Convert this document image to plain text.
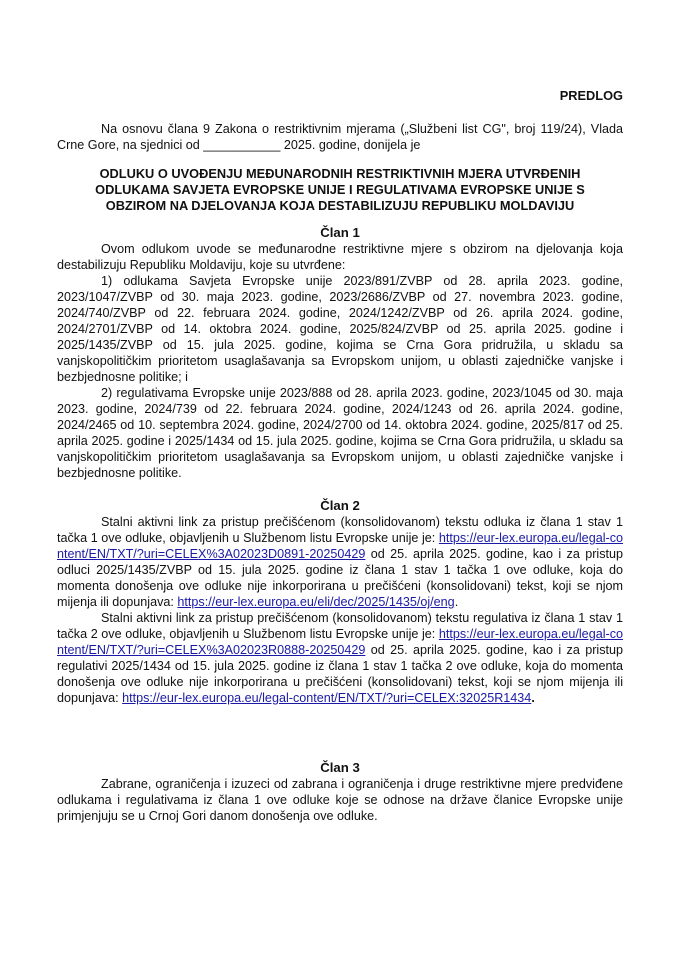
PREDLOG

Na osnovu člana 9 Zakona o restriktivnim mjerama („Službeni list CG", broj 119/24), Vlada Crne Gore, na sjednici od ___________ 2025. godine, donijela je

ODLUKU O UVOĐENJU MEĐUNARODNIH RESTRIKTIVNIH MJERA UTVRĐENIH ODLUKAMA SAVJETA EVROPSKE UNIJE I REGULATIVAMA EVROPSKE UNIJE S OBZIROM NA DJELOVANJA KOJA DESTABILIZUJU REPUBLIKU MOLDAVIJU
Član 1

Ovom odlukom uvode se međunarodne restriktivne mjere s obzirom na djelovanja koja destabilizuju Republiku Moldaviju, koje su utvrđene:

1) odlukama Savjeta Evropske unije 2023/891/ZVBP od 28. aprila 2023. godine, 2023/1047/ZVBP od 30. maja 2023. godine, 2023/2686/ZVBP od 27. novembra 2023. godine, 2024/740/ZVBP od 22. februara 2024. godine, 2024/1242/ZVBP od 26. aprila 2024. godine, 2024/2701/ZVBP od 14. oktobra 2024. godine, 2025/824/ZVBP od 25. aprila 2025. godine i 2025/1435/ZVBP od 15. jula 2025. godine, kojima se Crna Gora pridružila, u skladu sa vanjskopolitičkim prioritetom usaglašavanja sa Evropskom unijom, u oblasti zajedničke vanjske i bezbjednosne politike; i

2) regulativama Evropske unije 2023/888 od 28. aprila 2023. godine, 2023/1045 od 30. maja 2023. godine, 2024/739 od 22. februara 2024. godine, 2024/1243 od 26. aprila 2024. godine, 2024/2465 od 10. septembra 2024. godine, 2024/2700 od 14. oktobra 2024. godine, 2025/817 od 25. aprila 2025. godine i 2025/1434 od 15. jula 2025. godine, kojima se Crna Gora pridružila, u skladu sa vanjskopolitičkim prioritetom usaglašavanja sa Evropskom unijom, u oblasti zajedničke vanjske i bezbjednosne politike.

Član 2

Stalni aktivni link za pristup prečišćenom (konsolidovanom) tekstu odluka iz člana 1 stav 1 tačka 1 ove odluke, objavljenih u Službenom listu Evropske unije je: https://eur-lex.europa.eu/legal-content/EN/TXT/?uri=CELEX%3A02023D0891-20250429 od 25. aprila 2025. godine, kao i za pristup odluci 2025/1435/ZVBP od 15. jula 2025. godine iz člana 1 stav 1 tačka 1 ove odluke, koja do momenta donošenja ove odluke nije inkorporirana u prečišćeni (konsolidovani) tekst, koji se njom mijenja ili dopunjava: https://eur-lex.europa.eu/eli/dec/2025/1435/oj/eng.

Stalni aktivni link za pristup prečišćenom (konsolidovanom) tekstu regulativa iz člana 1 stav 1 tačka 2 ove odluke, objavljenih u Službenom listu Evropske unije je: https://eur-lex.europa.eu/legal-content/EN/TXT/?uri=CELEX%3A02023R0888-20250429 od 25. aprila 2025. godine, kao i za pristup regulativi 2025/1434 od 15. jula 2025. godine iz člana 1 stav 1 tačka 2 ove odluke, koja do momenta donošenja ove odluke nije inkorporirana u prečišćeni (konsolidovani) tekst, koji se njom mijenja ili dopunjava: https://eur-lex.europa.eu/legal-content/EN/TXT/?uri=CELEX:32025R1434.

Član 3

Zabrane, ograničenja i izuzeci od zabrana i ograničenja i druge restriktivne mjere predviđene odlukama i regulativama iz člana 1 ove odluke koje se odnose na države članice Evropske unije primjenjuju se u Crnoj Gori danom donošenja ove odluke.
